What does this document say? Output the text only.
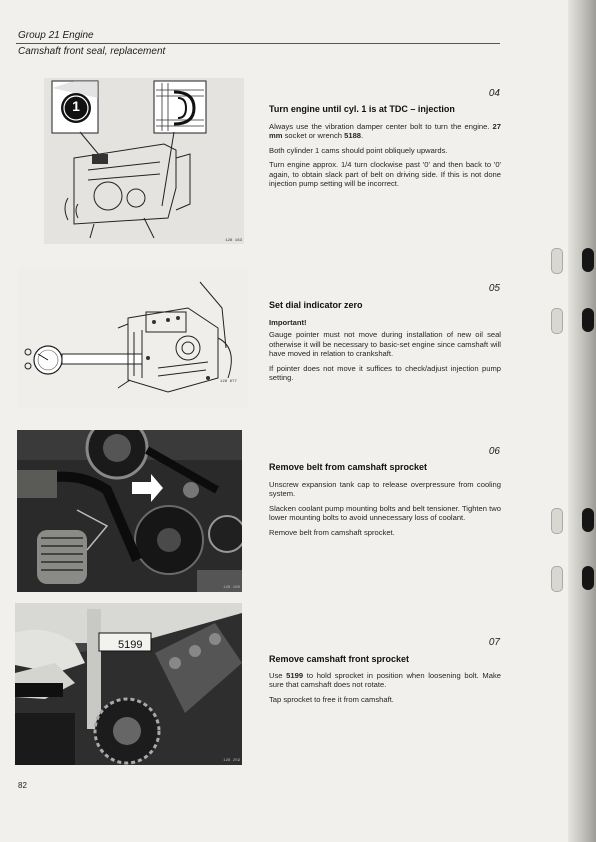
Group 21 Engine
Camshaft front seal, replacement
128 163
1
04
Turn engine until cyl. 1 is at TDC – injection

Always use the vibration damper center bolt to turn the engine. 27 mm socket or wrench 5188.

Both cylinder 1 cams should point obliquely upwards.

Turn engine approx. 1/4 turn clockwise past '0' and then back to '0' again, to obtain slack part of belt on driving side. If this is not done injection pump setting will be incorrect.

128 677
05
Set dial indicator zero

Important!

Gauge pointer must not move during installation of new oil seal otherwise it will be necessary to basic-set engine since camshaft will have moved in relation to crankshaft.

If pointer does not move it suffices to check/adjust injection pump setting.

128 160
06
Remove belt from camshaft sprocket

Unscrew expansion tank cap to release overpressure from cooling system.

Slacken coolant pump mounting bolts and belt tensioner. Tighten two lower mounting bolts to avoid unnecessary loss of coolant.

Remove belt from camshaft sprocket.

5199
128 259
07
Remove camshaft front sprocket

Use 5199 to hold sprocket in position when loosening bolt. Make sure that camshaft does not rotate.

Tap sprocket to free it from camshaft.

82
